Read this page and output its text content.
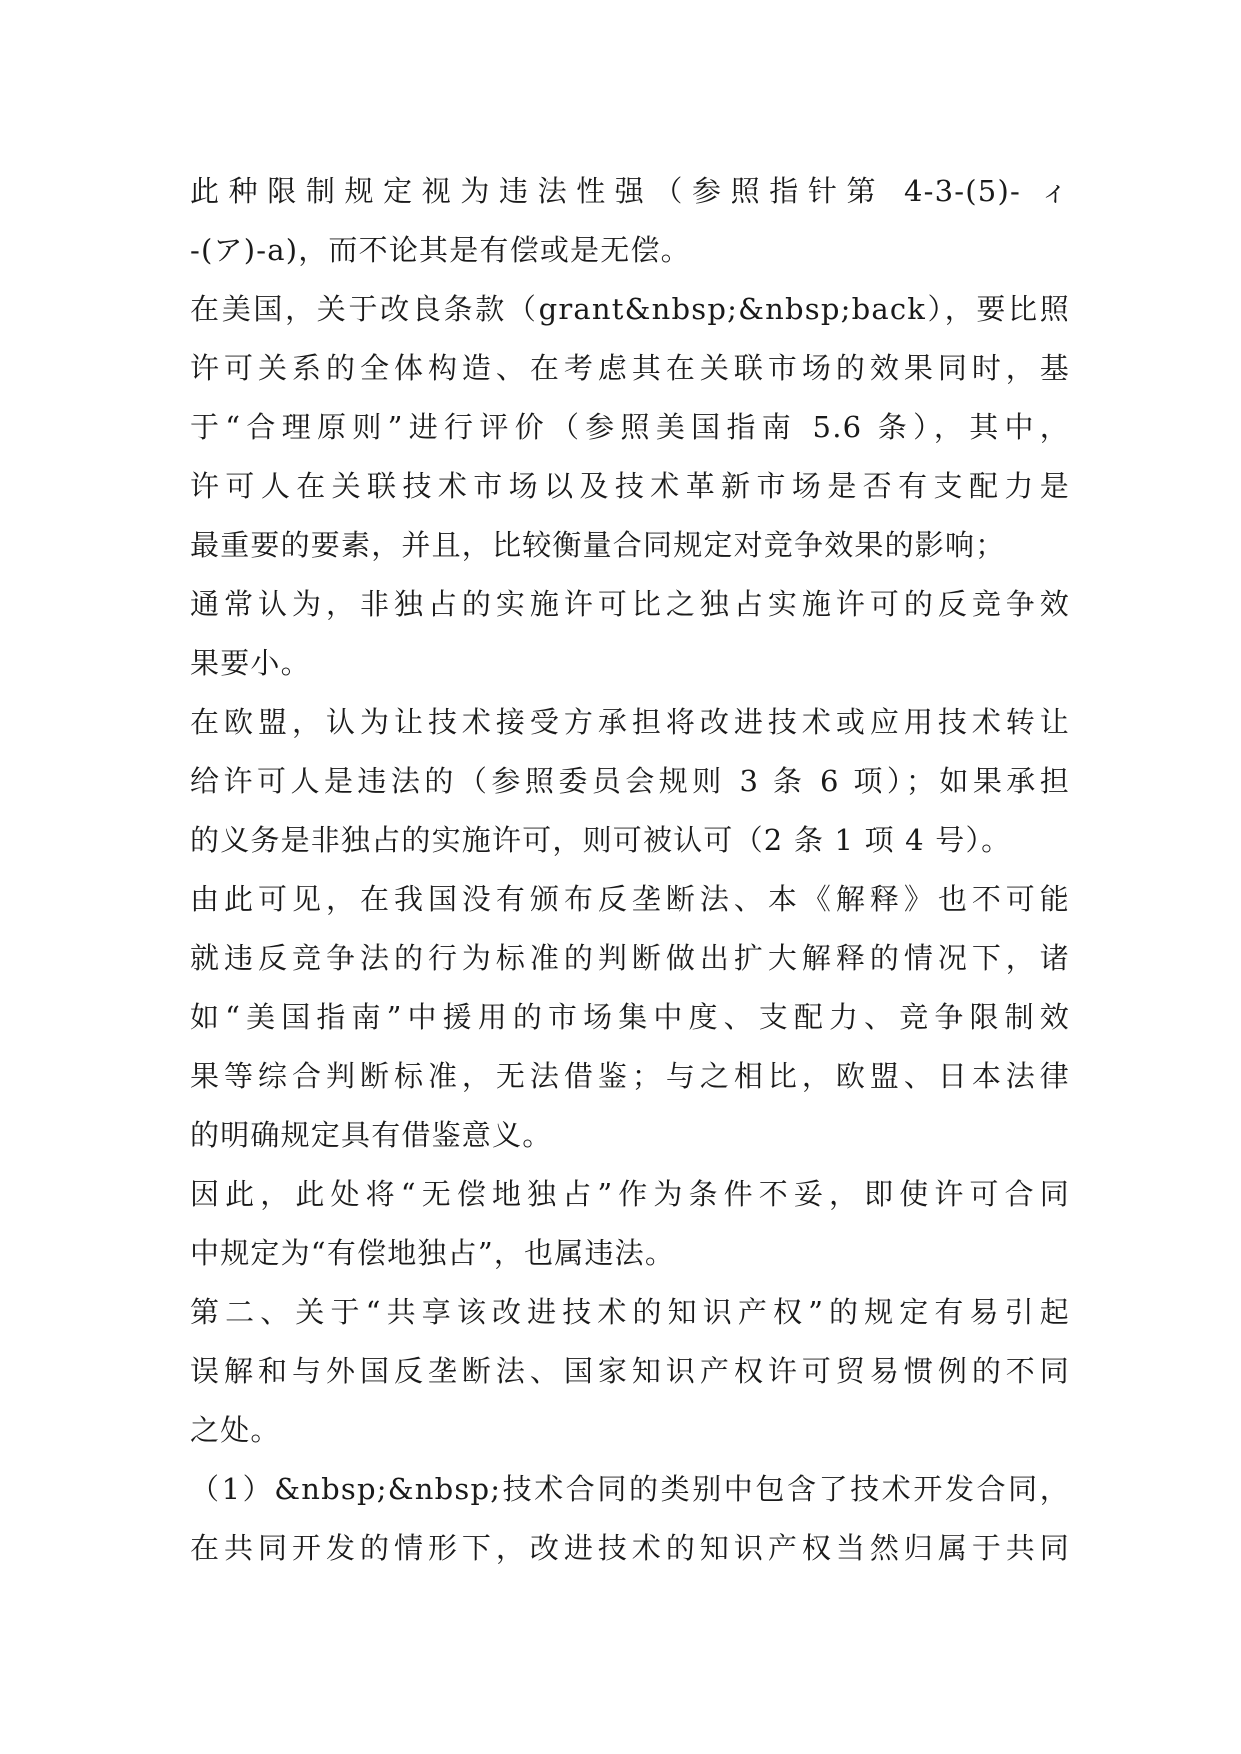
此种限制规定视为违法性强（参照指针第 4-3-(5)- ィ
-(ア)-a)，而不论其是有偿或是无偿。
在美国，关于改良条款（grant&nbsp;&nbsp;back），要比照
许可关系的全体构造、在考虑其在关联市场的效果同时，基
于“合理原则”进行评价（参照美国指南 5.6 条），其中，
许可人在关联技术市场以及技术革新市场是否有支配力是
最重要的要素，并且，比较衡量合同规定对竞争效果的影响；
通常认为，非独占的实施许可比之独占实施许可的反竞争效
果要小。
在欧盟，认为让技术接受方承担将改进技术或应用技术转让
给许可人是违法的（参照委员会规则 3 条 6 项）；如果承担
的义务是非独占的实施许可，则可被认可（2 条 1 项 4 号）。
由此可见，在我国没有颁布反垄断法、本《解释》也不可能
就违反竞争法的行为标准的判断做出扩大解释的情况下，诸
如“美国指南”中援用的市场集中度、支配力、竞争限制效
果等综合判断标准，无法借鉴；与之相比，欧盟、日本法律
的明确规定具有借鉴意义。
因此，此处将“无偿地独占”作为条件不妥，即使许可合同
中规定为“有偿地独占”，也属违法。
第二、关于“共享该改进技术的知识产权”的规定有易引起
误解和与外国反垄断法、国家知识产权许可贸易惯例的不同
之处。
（1）&nbsp;&nbsp;技术合同的类别中包含了技术开发合同，
在共同开发的情形下，改进技术的知识产权当然归属于共同
